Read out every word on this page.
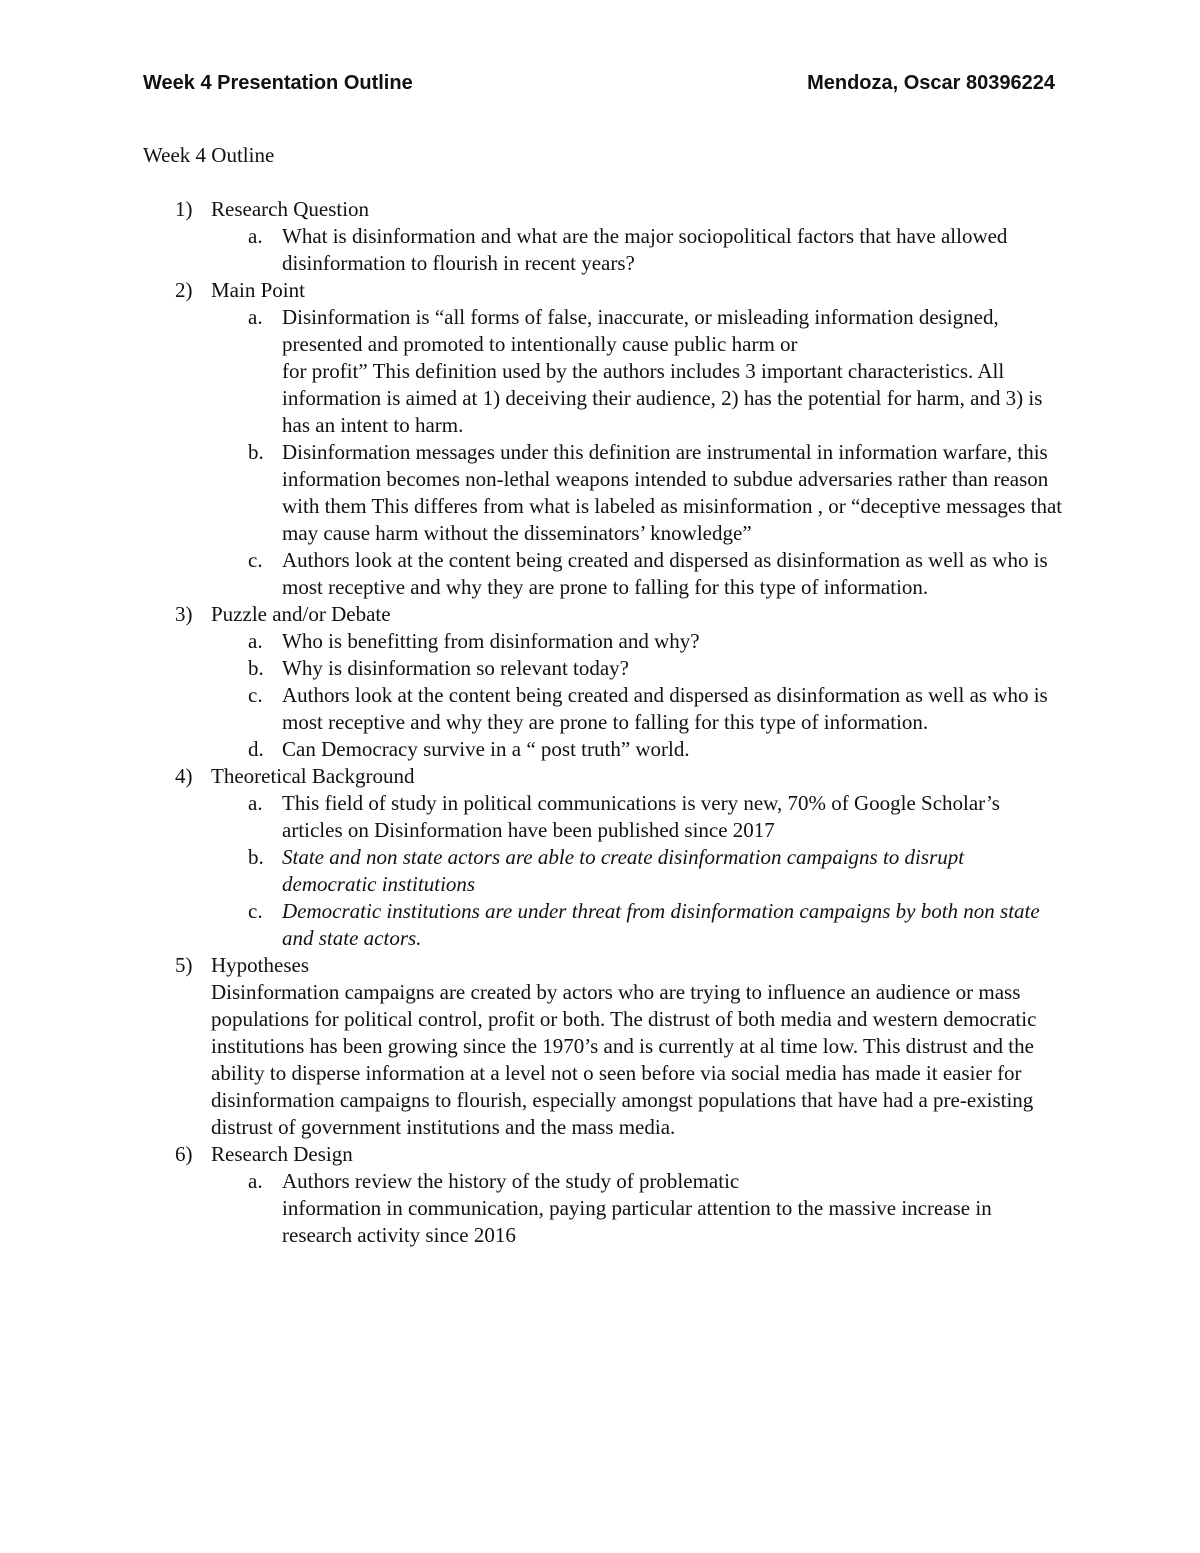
Week 4 Presentation Outline	Mendoza, Oscar 80396224
Week 4 Outline
1) Research Question
a. What is disinformation and what are the major sociopolitical factors that have allowed disinformation to flourish in recent years?
2) Main Point
a. Disinformation is “all forms of false, inaccurate, or misleading information designed, presented and promoted to intentionally cause public harm or
for profit” This definition used by the authors includes 3 important characteristics. All information is aimed at 1) deceiving their audience, 2) has the potential for harm, and 3) is has an intent to harm.
b. Disinformation messages under this definition are instrumental in information warfare, this information becomes non-lethal weapons intended to subdue adversaries rather than reason with them This differes from what is labeled as misinformation , or “deceptive messages that may cause harm without the disseminators’ knowledge”
c. Authors look at the content being created and dispersed as disinformation as well as who is most receptive and why they are prone to falling for this type of information.
3) Puzzle and/or Debate
a. Who is benefitting from disinformation and why?
b. Why is disinformation so relevant today?
c. Authors look at the content being created and dispersed as disinformation as well as who is most receptive and why they are prone to falling for this type of information.
d. Can Democracy survive in a “ post truth” world.
4) Theoretical Background
a. This field of study in political communications is very new, 70% of Google Scholar’s articles on Disinformation have been published since 2017
b. State and non state actors are able to create disinformation campaigns to disrupt democratic institutions
c. Democratic institutions are under threat from disinformation campaigns by both non state and state actors.
5) Hypotheses
Disinformation campaigns are created by actors who are trying to influence an audience or mass populations for political control, profit or both. The distrust of both media and western democratic institutions has been growing since the 1970’s and is currently at al time low. This distrust and the ability to disperse information at a level not o seen before via social media has made it easier for disinformation campaigns to flourish, especially amongst populations that have had a pre-existing distrust of government institutions and the mass media.
6) Research Design
a. Authors review the history of the study of problematic
information in communication, paying particular attention to the massive increase in research activity since 2016
